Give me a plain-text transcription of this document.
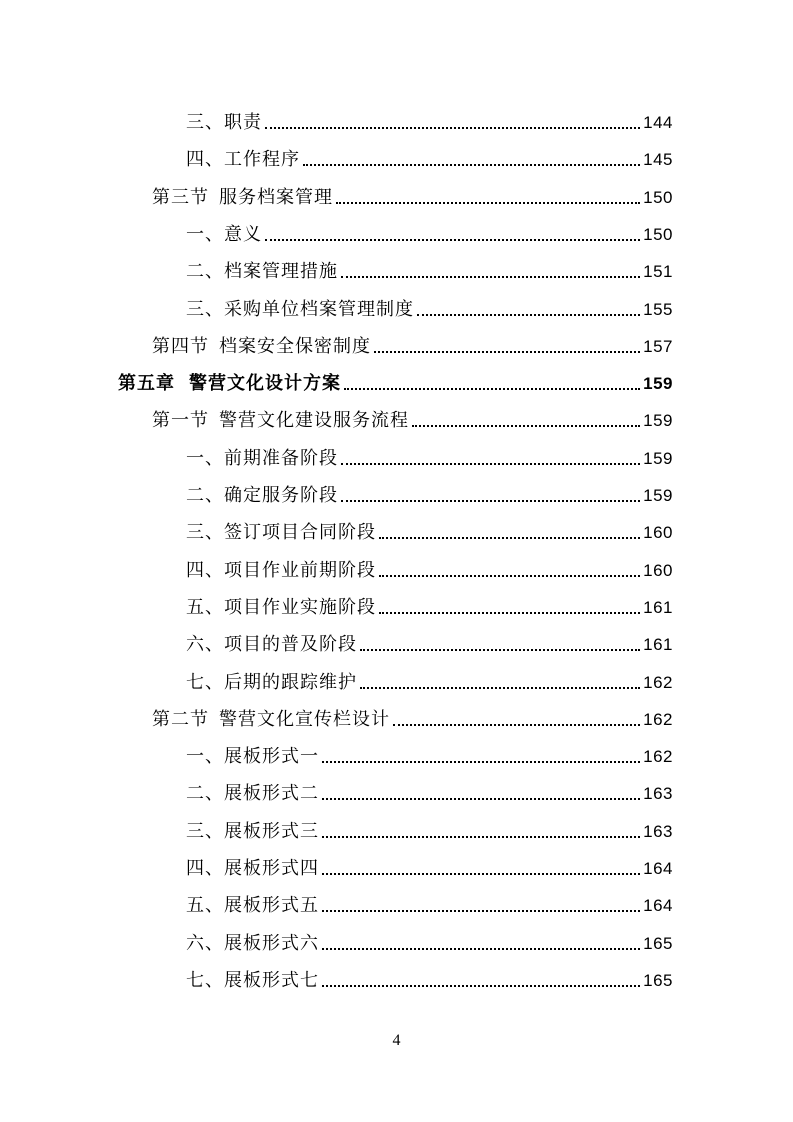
三、职责	144
四、工作程序	145
第三节 服务档案管理	150
一、意义	150
二、档案管理措施	151
三、采购单位档案管理制度	155
第四节 档案安全保密制度	157
第五章 警营文化设计方案	159
第一节 警营文化建设服务流程	159
一、前期准备阶段	159
二、确定服务阶段	159
三、签订项目合同阶段	160
四、项目作业前期阶段	160
五、项目作业实施阶段	161
六、项目的普及阶段	161
七、后期的跟踪维护	162
第二节 警营文化宣传栏设计	162
一、展板形式一	162
二、展板形式二	163
三、展板形式三	163
四、展板形式四	164
五、展板形式五	164
六、展板形式六	165
七、展板形式七	165
4
